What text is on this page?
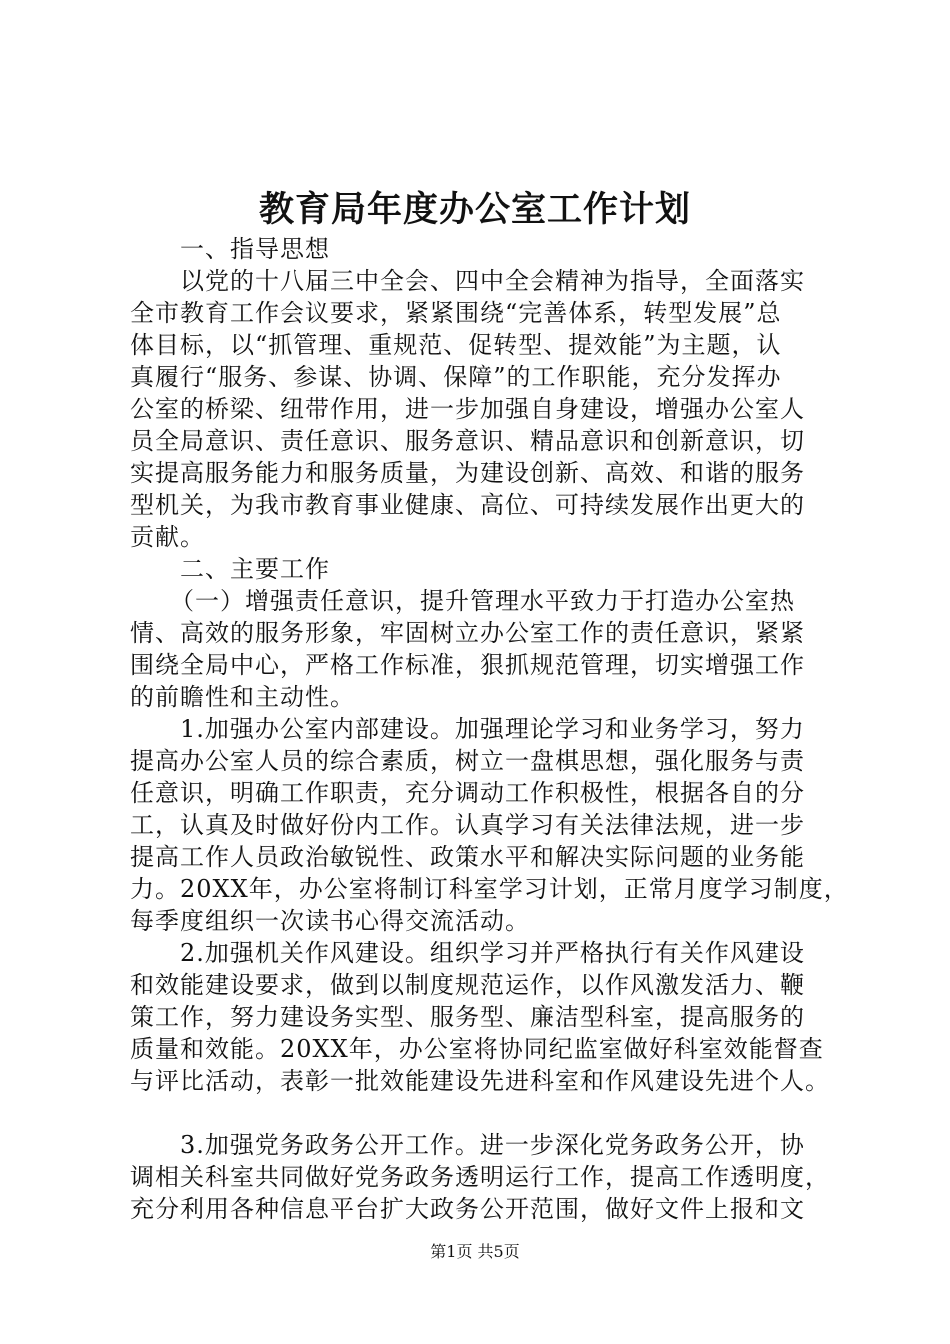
教育局年度办公室工作计划
一、指导思想
以党的十八届三中全会、四中全会精神为指导，全面落实
全市教育工作会议要求，紧紧围绕“完善体系，转型发展”总
体目标，以“抓管理、重规范、促转型、提效能”为主题，认
真履行“服务、参谋、协调、保障”的工作职能，充分发挥办
公室的桥梁、纽带作用，进一步加强自身建设，增强办公室人
员全局意识、责任意识、服务意识、精品意识和创新意识，切
实提高服务能力和服务质量，为建设创新、高效、和谐的服务
型机关，为我市教育事业健康、高位、可持续发展作出更大的
贡献。
二、主要工作
（一）增强责任意识，提升管理水平致力于打造办公室热
情、高效的服务形象，牢固树立办公室工作的责任意识，紧紧
围绕全局中心，严格工作标准，狠抓规范管理，切实增强工作
的前瞻性和主动性。
1.加强办公室内部建设。加强理论学习和业务学习，努力
提高办公室人员的综合素质，树立一盘棋思想，强化服务与责
任意识，明确工作职责，充分调动工作积极性，根据各自的分
工，认真及时做好份内工作。认真学习有关法律法规，进一步
提高工作人员政治敏锐性、政策水平和解决实际问题的业务能
力。20XX年，办公室将制订科室学习计划，正常月度学习制度，
每季度组织一次读书心得交流活动。
2.加强机关作风建设。组织学习并严格执行有关作风建设
和效能建设要求，做到以制度规范运作，以作风激发活力、鞭
策工作，努力建设务实型、服务型、廉洁型科室，提高服务的
质量和效能。20XX年，办公室将协同纪监室做好科室效能督查
与评比活动，表彰一批效能建设先进科室和作风建设先进个人。
3.加强党务政务公开工作。进一步深化党务政务公开，协
调相关科室共同做好党务政务透明运行工作，提高工作透明度，
充分利用各种信息平台扩大政务公开范围，做好文件上报和文
第1页 共5页
